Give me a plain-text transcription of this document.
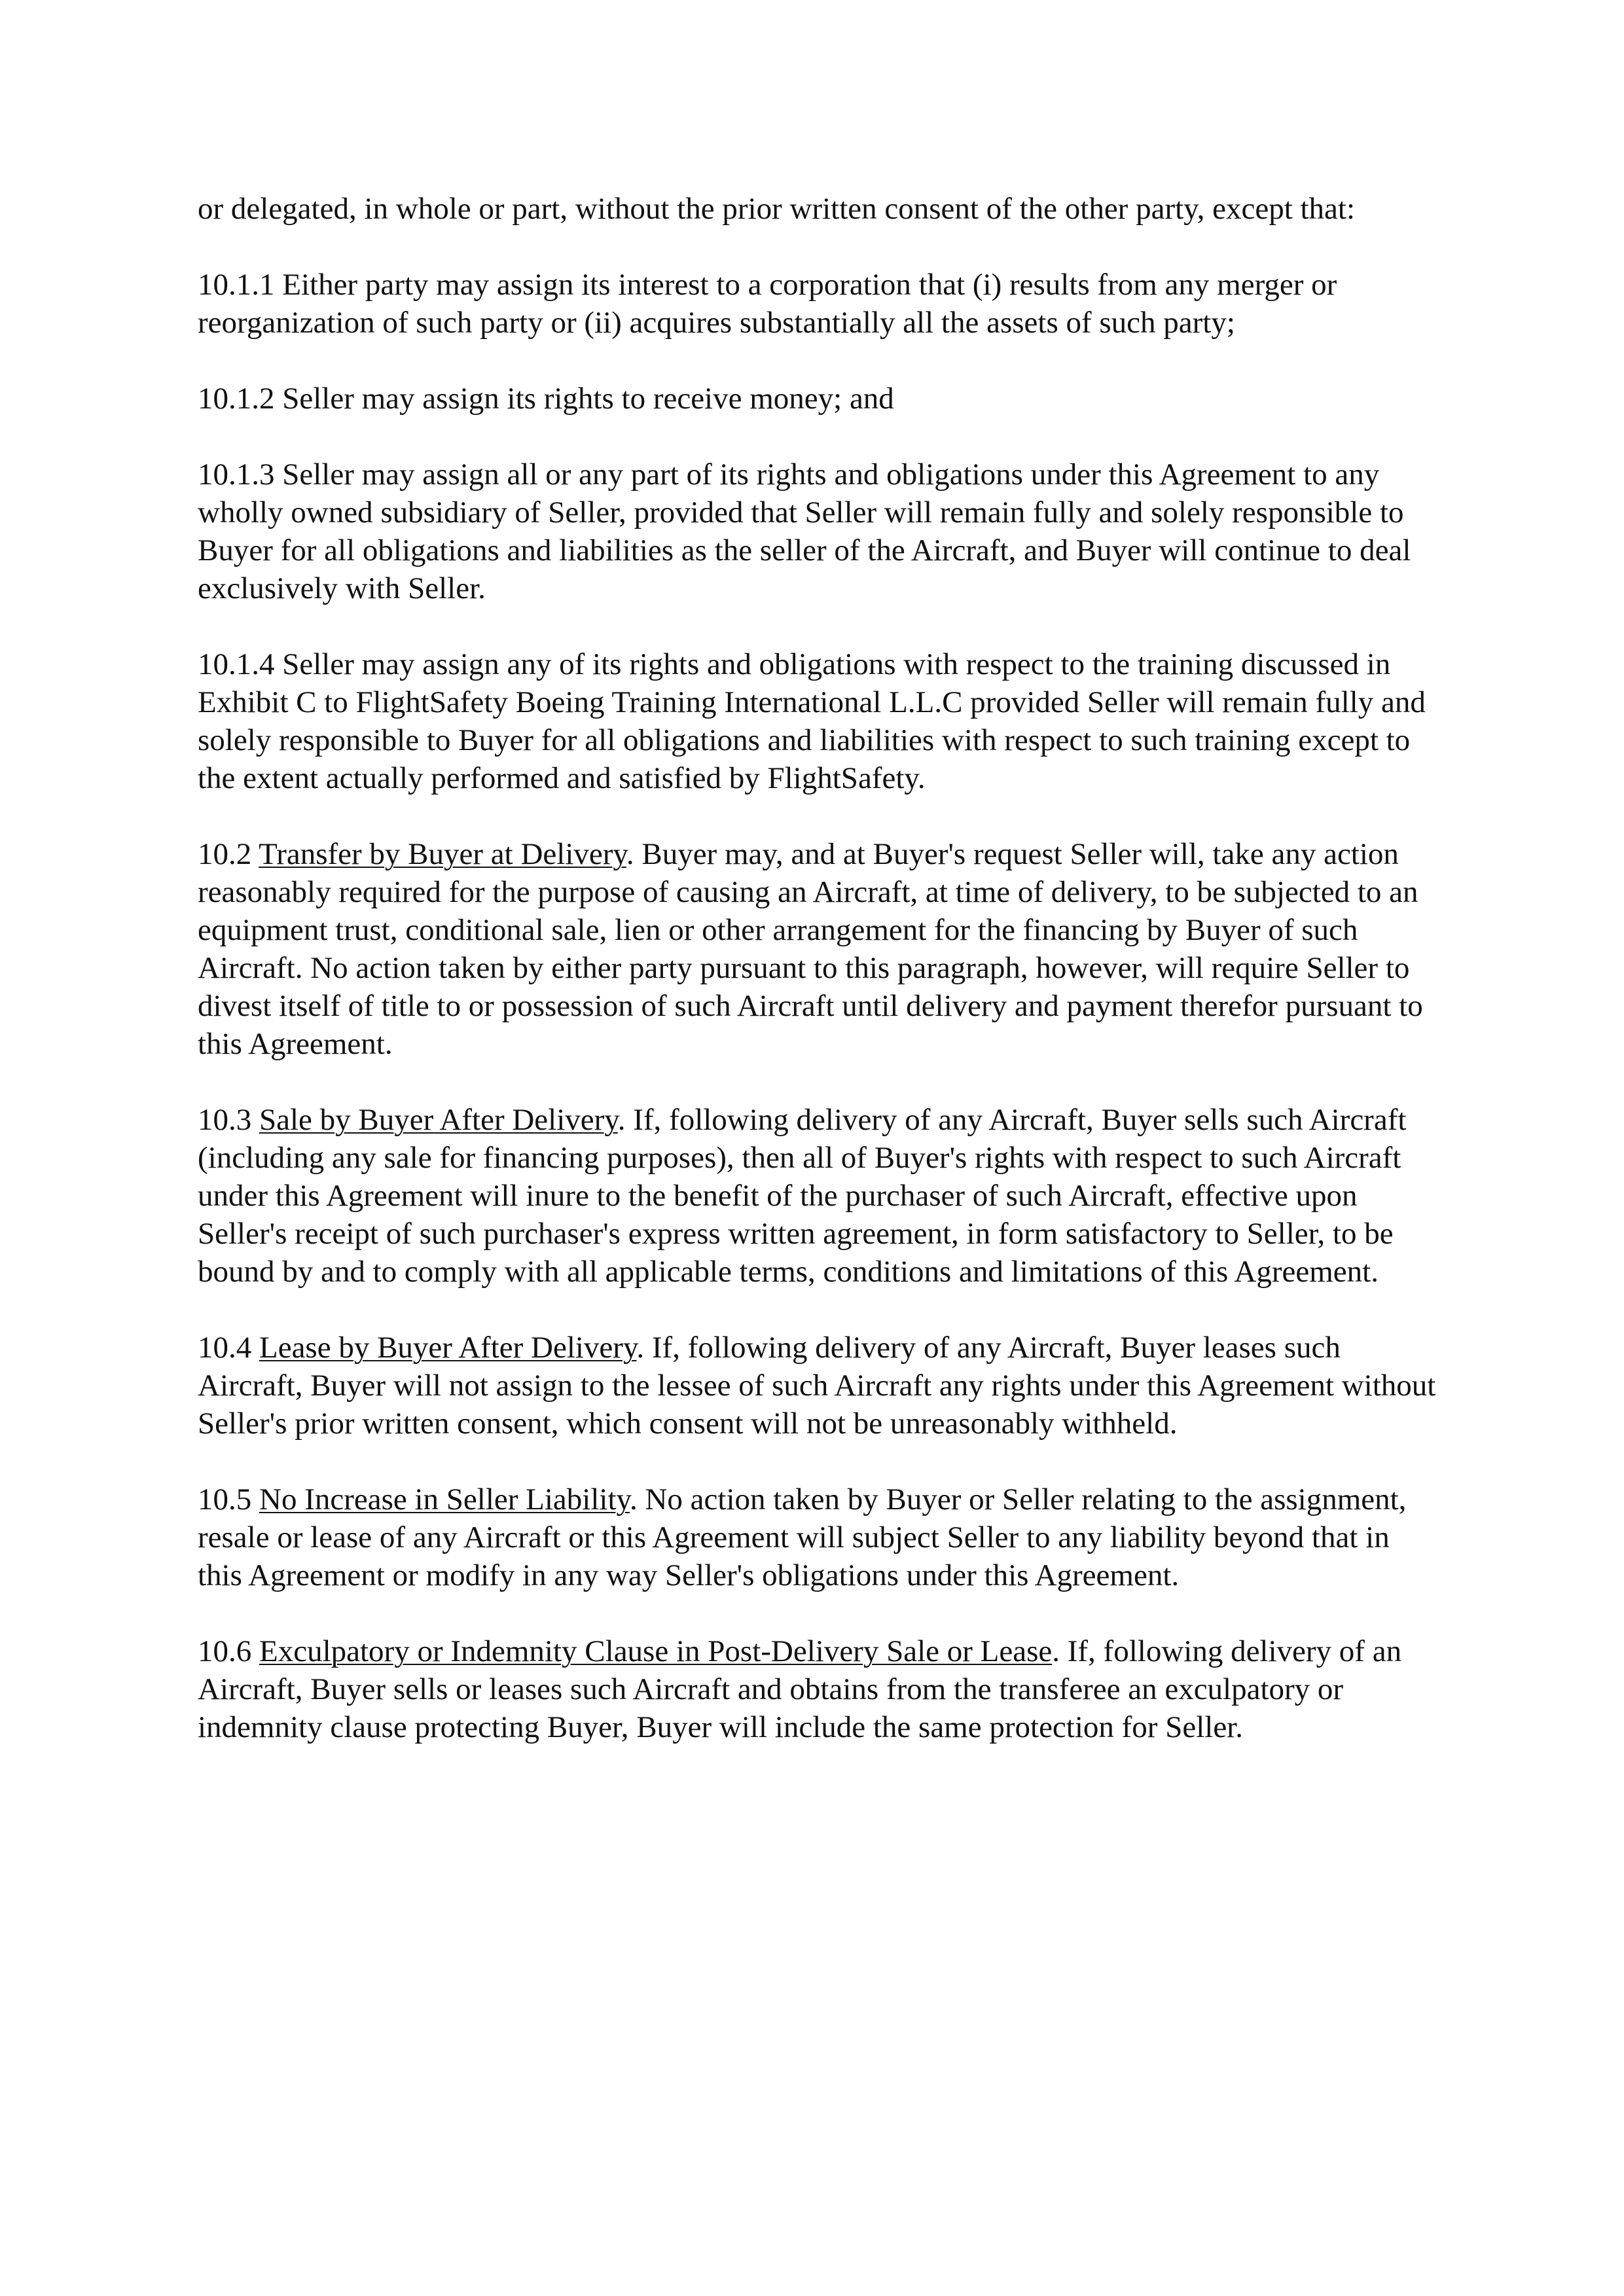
or delegated, in whole or part, without the prior written consent of the other party, except that:

10.1.1 Either party may assign its interest to a corporation that (i) results from any merger or reorganization of such party or (ii) acquires substantially all the assets of such party;

10.1.2 Seller may assign its rights to receive money; and

10.1.3 Seller may assign all or any part of its rights and obligations under this Agreement to any wholly owned subsidiary of Seller, provided that Seller will remain fully and solely responsible to Buyer for all obligations and liabilities as the seller of the Aircraft, and Buyer will continue to deal exclusively with Seller.

10.1.4 Seller may assign any of its rights and obligations with respect to the training discussed in Exhibit C to FlightSafety Boeing Training International L.L.C provided Seller will remain fully and solely responsible to Buyer for all obligations and liabilities with respect to such training except to the extent actually performed and satisfied by FlightSafety.

10.2 Transfer by Buyer at Delivery. Buyer may, and at Buyer's request Seller will, take any action reasonably required for the purpose of causing an Aircraft, at time of delivery, to be subjected to an equipment trust, conditional sale, lien or other arrangement for the financing by Buyer of such Aircraft. No action taken by either party pursuant to this paragraph, however, will require Seller to divest itself of title to or possession of such Aircraft until delivery and payment therefor pursuant to this Agreement.

10.3 Sale by Buyer After Delivery. If, following delivery of any Aircraft, Buyer sells such Aircraft (including any sale for financing purposes), then all of Buyer's rights with respect to such Aircraft under this Agreement will inure to the benefit of the purchaser of such Aircraft, effective upon Seller's receipt of such purchaser's express written agreement, in form satisfactory to Seller, to be bound by and to comply with all applicable terms, conditions and limitations of this Agreement.

10.4 Lease by Buyer After Delivery. If, following delivery of any Aircraft, Buyer leases such Aircraft, Buyer will not assign to the lessee of such Aircraft any rights under this Agreement without Seller's prior written consent, which consent will not be unreasonably withheld.

10.5 No Increase in Seller Liability. No action taken by Buyer or Seller relating to the assignment, resale or lease of any Aircraft or this Agreement will subject Seller to any liability beyond that in this Agreement or modify in any way Seller's obligations under this Agreement.

10.6 Exculpatory or Indemnity Clause in Post-Delivery Sale or Lease. If, following delivery of an Aircraft, Buyer sells or leases such Aircraft and obtains from the transferee an exculpatory or indemnity clause protecting Buyer, Buyer will include the same protection for Seller.
